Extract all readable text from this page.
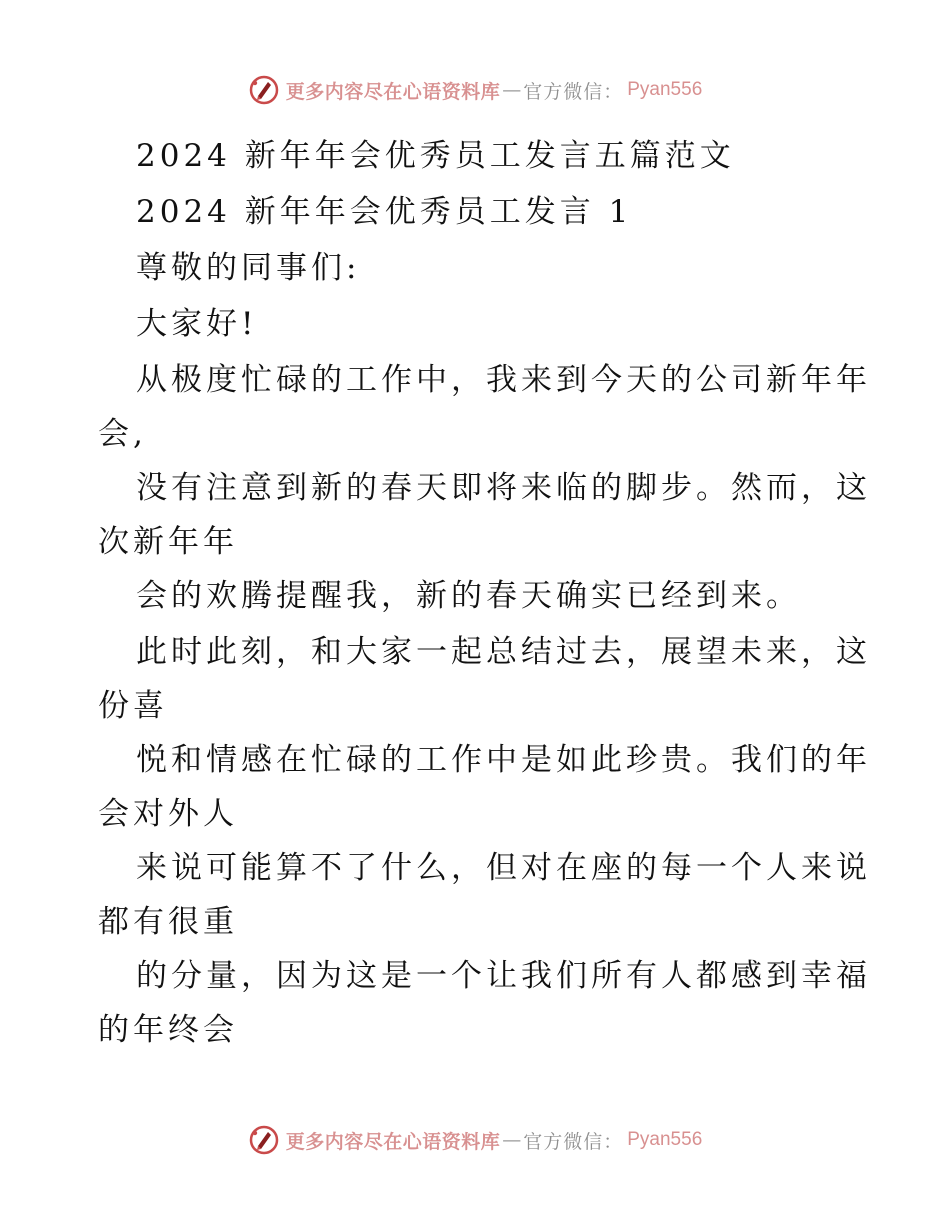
更多内容尽在心语资料库 — 官方微信： Pyan556
2024 新年年会优秀员工发言五篇范文
2024 新年年会优秀员工发言 1
尊敬的同事们:
大家好!
从极度忙碌的工作中，我来到今天的公司新年年
会,
没有注意到新的春天即将来临的脚步。然而，这
次新年年
会的欢腾提醒我，新的春天确实已经到来。
此时此刻，和大家一起总结过去，展望未来，这
份喜
悦和情感在忙碌的工作中是如此珍贵。我们的年
会对外人
来说可能算不了什么，但对在座的每一个人来说
都有很重
的分量，因为这是一个让我们所有人都感到幸福
的年终会
更多内容尽在心语资料库 — 官方微信： Pyan556
